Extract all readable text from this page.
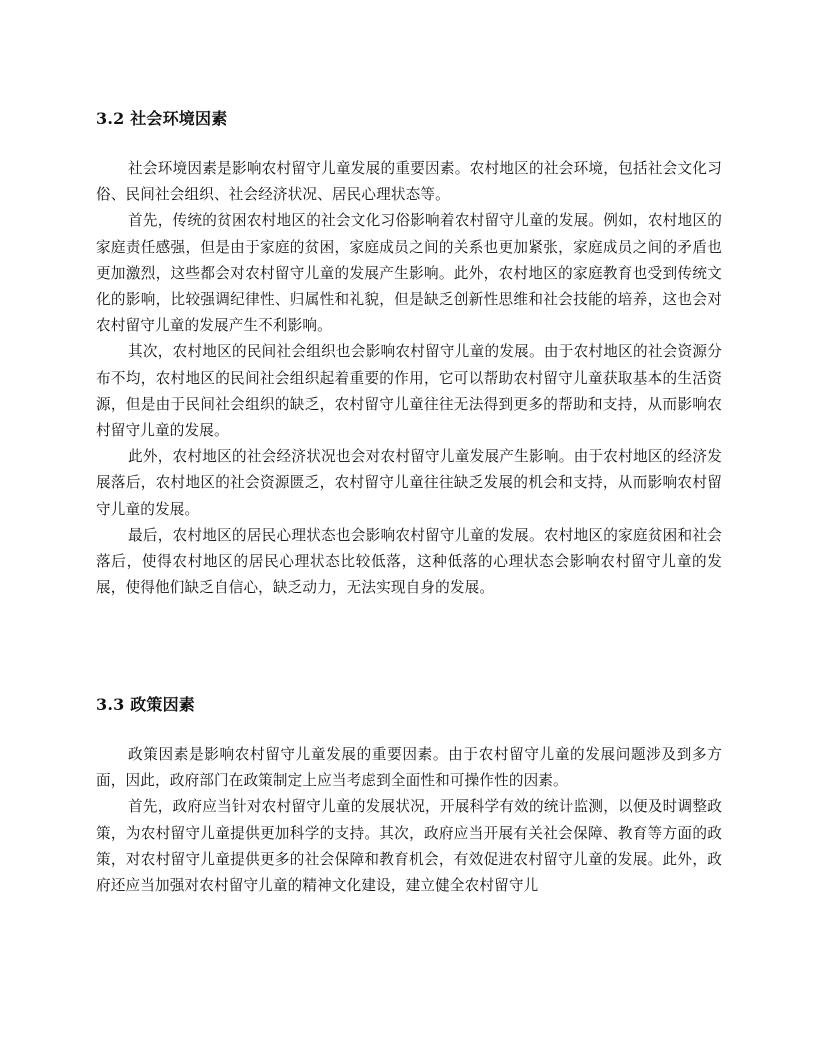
3.2 社会环境因素

社会环境因素是影响农村留守儿童发展的重要因素。农村地区的社会环境，包括社会文化习俗、民间社会组织、社会经济状况、居民心理状态等。

首先，传统的贫困农村地区的社会文化习俗影响着农村留守儿童的发展。例如，农村地区的家庭责任感强，但是由于家庭的贫困，家庭成员之间的关系也更加紧张，家庭成员之间的矛盾也更加激烈，这些都会对农村留守儿童的发展产生影响。此外，农村地区的家庭教育也受到传统文化的影响，比较强调纪律性、归属性和礼貌，但是缺乏创新性思维和社会技能的培养，这也会对农村留守儿童的发展产生不利影响。

其次，农村地区的民间社会组织也会影响农村留守儿童的发展。由于农村地区的社会资源分布不均，农村地区的民间社会组织起着重要的作用，它可以帮助农村留守儿童获取基本的生活资源，但是由于民间社会组织的缺乏，农村留守儿童往往无法得到更多的帮助和支持，从而影响农村留守儿童的发展。

此外，农村地区的社会经济状况也会对农村留守儿童发展产生影响。由于农村地区的经济发展落后，农村地区的社会资源匮乏，农村留守儿童往往缺乏发展的机会和支持，从而影响农村留守儿童的发展。

最后，农村地区的居民心理状态也会影响农村留守儿童的发展。农村地区的家庭贫困和社会落后，使得农村地区的居民心理状态比较低落，这种低落的心理状态会影响农村留守儿童的发展，使得他们缺乏自信心，缺乏动力，无法实现自身的发展。

3.3 政策因素

政策因素是影响农村留守儿童发展的重要因素。由于农村留守儿童的发展问题涉及到多方面，因此，政府部门在政策制定上应当考虑到全面性和可操作性的因素。

首先，政府应当针对农村留守儿童的发展状况，开展科学有效的统计监测，以便及时调整政策，为农村留守儿童提供更加科学的支持。其次，政府应当开展有关社会保障、教育等方面的政策，对农村留守儿童提供更多的社会保障和教育机会，有效促进农村留守儿童的发展。此外，政府还应当加强对农村留守儿童的精神文化建设，建立健全农村留守儿
